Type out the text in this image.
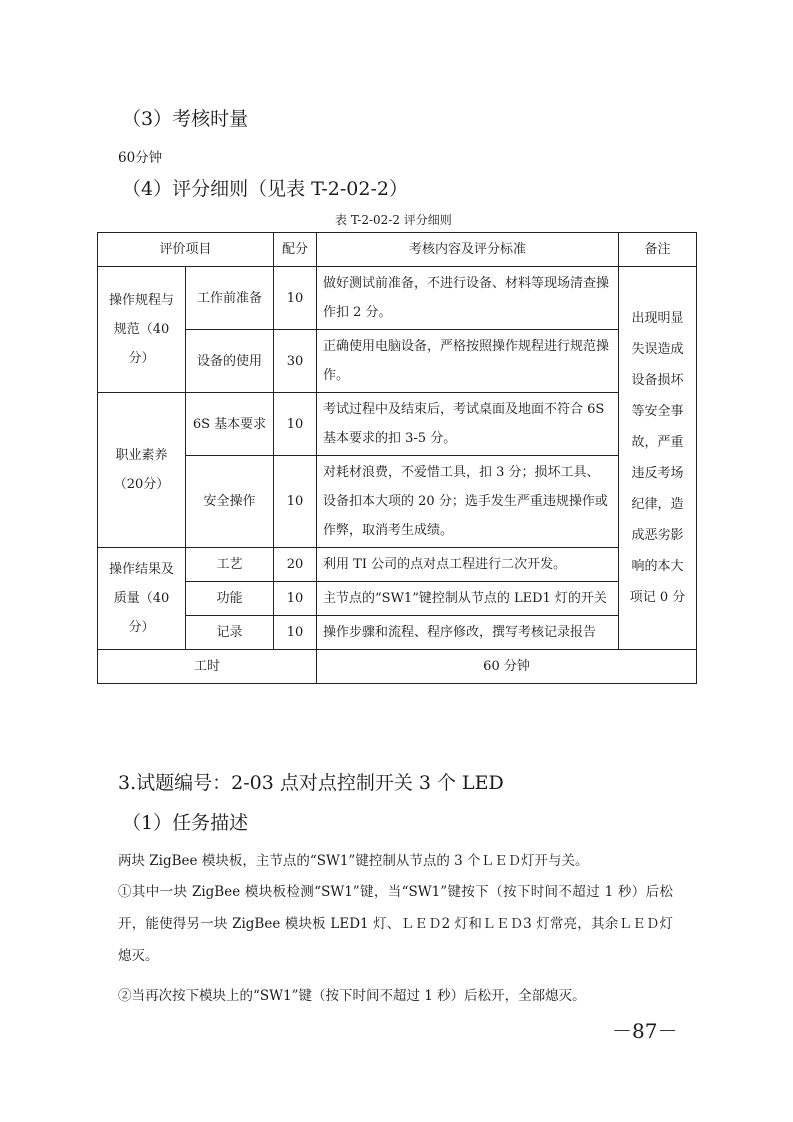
（3）考核时量
60分钟
（4）评分细则（见表 T-2-02-2）
表 T-2-02-2 评分细则
评价项目		配分	考核内容及评分标准	备注
操作规程与规范（40分）	工作前准备	10	做好测试前准备，不进行设备、材料等现场清查操作扣 2 分。	出现明显失误造成设备损坏等安全事故，严重违反考场纪律，造成恶劣影响的本大项记 0 分
	设备的使用	30	正确使用电脑设备，严格按照操作规程进行规范操作。	
职业素养（20分）	6S 基本要求	10	考试过程中及结束后，考试桌面及地面不符合 6S 基本要求的扣 3-5 分。	
	安全操作	10	对耗材浪费，不爱惜工具，扣 3 分；损坏工具、设备扣本大项的 20 分；选手发生严重违规操作或作弊，取消考生成绩。	
操作结果及质量（40分）	工艺	20	利用 TI 公司的点对点工程进行二次开发。	
	功能	10	主节点的“SW1”键控制从节点的 LED1 灯的开关	
	记录	10	操作步骤和流程、程序修改，撰写考核记录报告	
工时			60 分钟	
3.试题编号：2-03 点对点控制开关 3 个 LED
（1）任务描述
两块 ZigBee 模块板，主节点的“SW1”键控制从节点的 3 个ＬＥＤ灯开与关。
①其中一块 ZigBee 模块板检测“SW1”键，当“SW1”键按下（按下时间不超过 1 秒）后松开，能使得另一块 ZigBee 模块板 LED1 灯、ＬＥＤ2 灯和ＬＥＤ3 灯常亮，其余ＬＥＤ灯熄灭。
②当再次按下模块上的“SW1”键（按下时间不超过 1 秒）后松开，全部熄灭。
－87－
